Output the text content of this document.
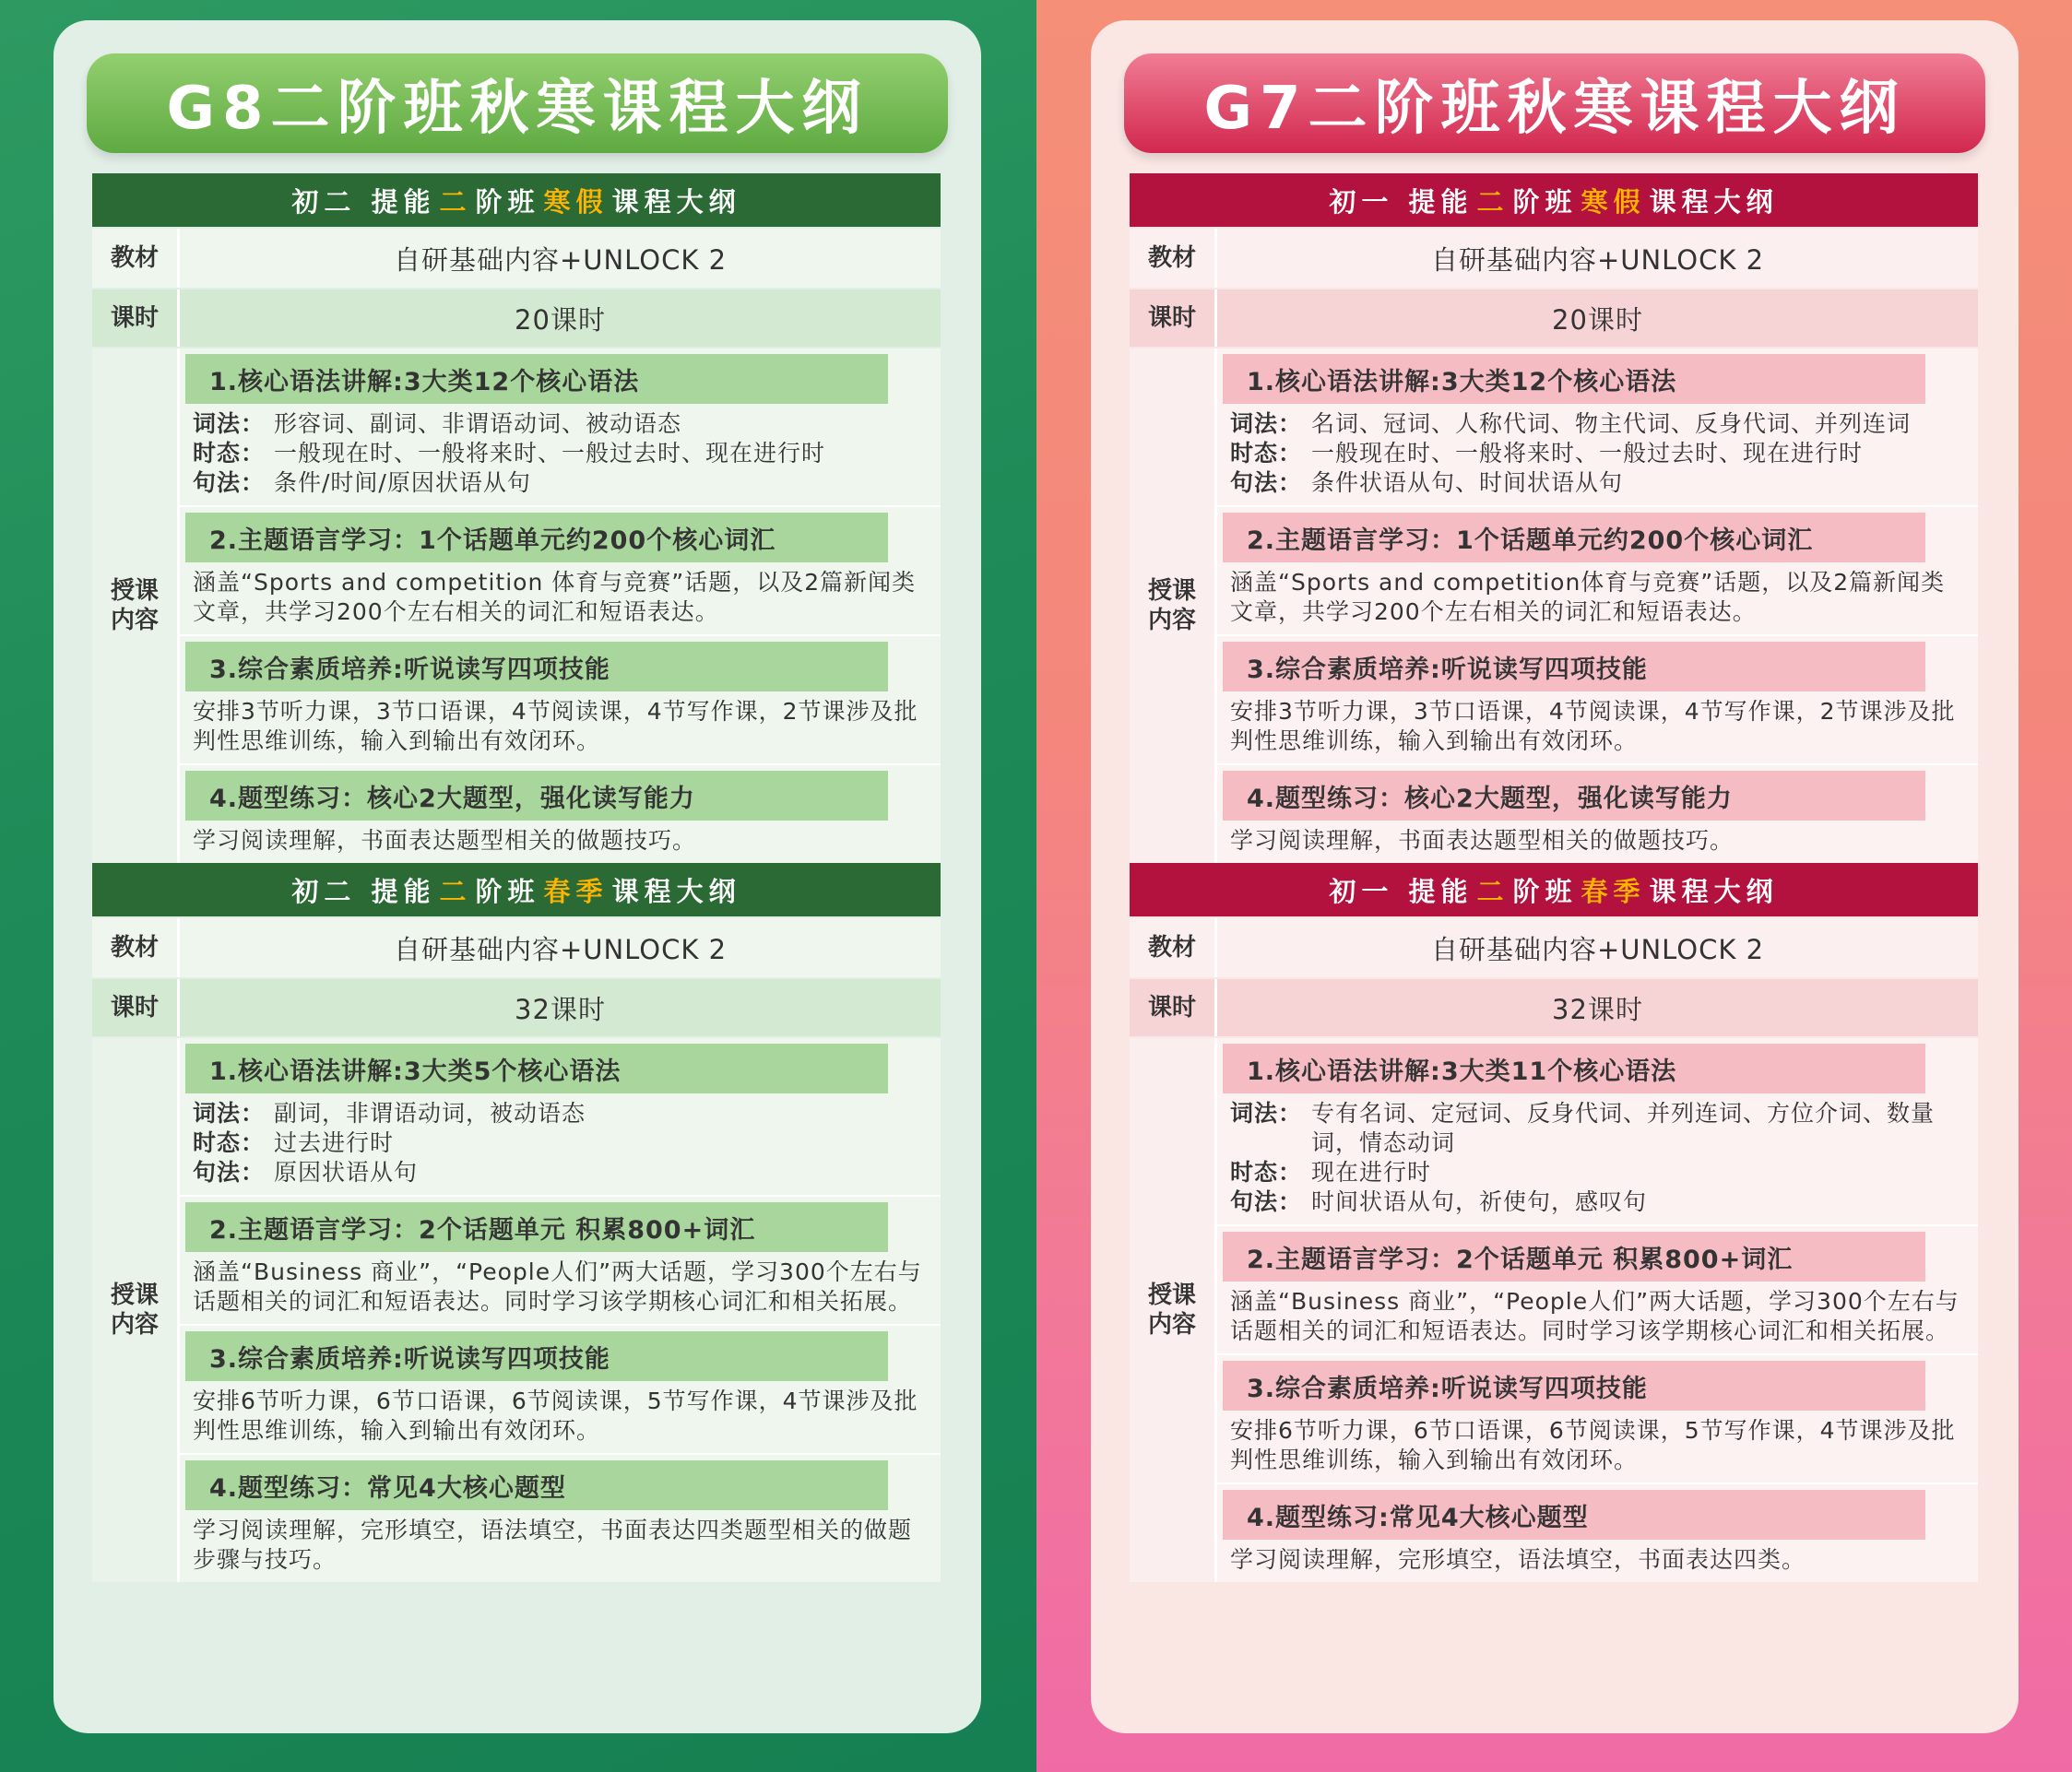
G8二阶班秋寒课程大纲
初二 提能 二 阶班 寒假 课程大纲
教材	自研基础内容+UNLOCK 2
课时	20课时
授课内容
1.核心语法讲解:3大类12个核心语法
词法： 形容词、副词、非谓语动词、被动语态
时态： 一般现在时、一般将来时、一般过去时、现在进行时
句法： 条件/时间/原因状语从句
2.主题语言学习：1个话题单元约200个核心词汇
涵盖“Sports and competition 体育与竞赛”话题，以及2篇新闻类文章，共学习200个左右相关的词汇和短语表达。
3.综合素质培养:听说读写四项技能
安排3节听力课，3节口语课，4节阅读课，4节写作课，2节课涉及批判性思维训练，输入到输出有效闭环。
4.题型练习：核心2大题型，强化读写能力
学习阅读理解，书面表达题型相关的做题技巧。
初二 提能 二 阶班 春季 课程大纲
教材	自研基础内容+UNLOCK 2
课时	32课时
授课内容
1.核心语法讲解:3大类5个核心语法
词法： 副词，非谓语动词，被动语态
时态： 过去进行时
句法： 原因状语从句
2.主题语言学习：2个话题单元 积累800+词汇
涵盖“Business 商业”，“People人们”两大话题，学习300个左右与话题相关的词汇和短语表达。同时学习该学期核心词汇和相关拓展。
3.综合素质培养:听说读写四项技能
安排6节听力课，6节口语课，6节阅读课，5节写作课，4节课涉及批判性思维训练，输入到输出有效闭环。
4.题型练习：常见4大核心题型
学习阅读理解，完形填空，语法填空，书面表达四类题型相关的做题步骤与技巧。
G7二阶班秋寒课程大纲
初一 提能 二 阶班 寒假 课程大纲
教材	自研基础内容+UNLOCK 2
课时	20课时
授课内容
1.核心语法讲解:3大类12个核心语法
词法： 名词、冠词、人称代词、物主代词、反身代词、并列连词
时态： 一般现在时、一般将来时、一般过去时、现在进行时
句法： 条件状语从句、时间状语从句
2.主题语言学习：1个话题单元约200个核心词汇
涵盖“Sports and competition体育与竞赛”话题，以及2篇新闻类文章，共学习200个左右相关的词汇和短语表达。
3.综合素质培养:听说读写四项技能
安排3节听力课，3节口语课，4节阅读课，4节写作课，2节课涉及批判性思维训练，输入到输出有效闭环。
4.题型练习：核心2大题型，强化读写能力
学习阅读理解，书面表达题型相关的做题技巧。
初一 提能 二 阶班 春季 课程大纲
教材	自研基础内容+UNLOCK 2
课时	32课时
授课内容
1.核心语法讲解:3大类11个核心语法
词法： 专有名词、定冠词、反身代词、并列连词、方位介词、数量词，情态动词
时态： 现在进行时
句法： 时间状语从句，祈使句，感叹句
2.主题语言学习：2个话题单元 积累800+词汇
涵盖“Business 商业”，“People人们”两大话题，学习300个左右与话题相关的词汇和短语表达。同时学习该学期核心词汇和相关拓展。
3.综合素质培养:听说读写四项技能
安排6节听力课，6节口语课，6节阅读课，5节写作课，4节课涉及批判性思维训练，输入到输出有效闭环。
4.题型练习:常见4大核心题型
学习阅读理解，完形填空，语法填空，书面表达四类。
